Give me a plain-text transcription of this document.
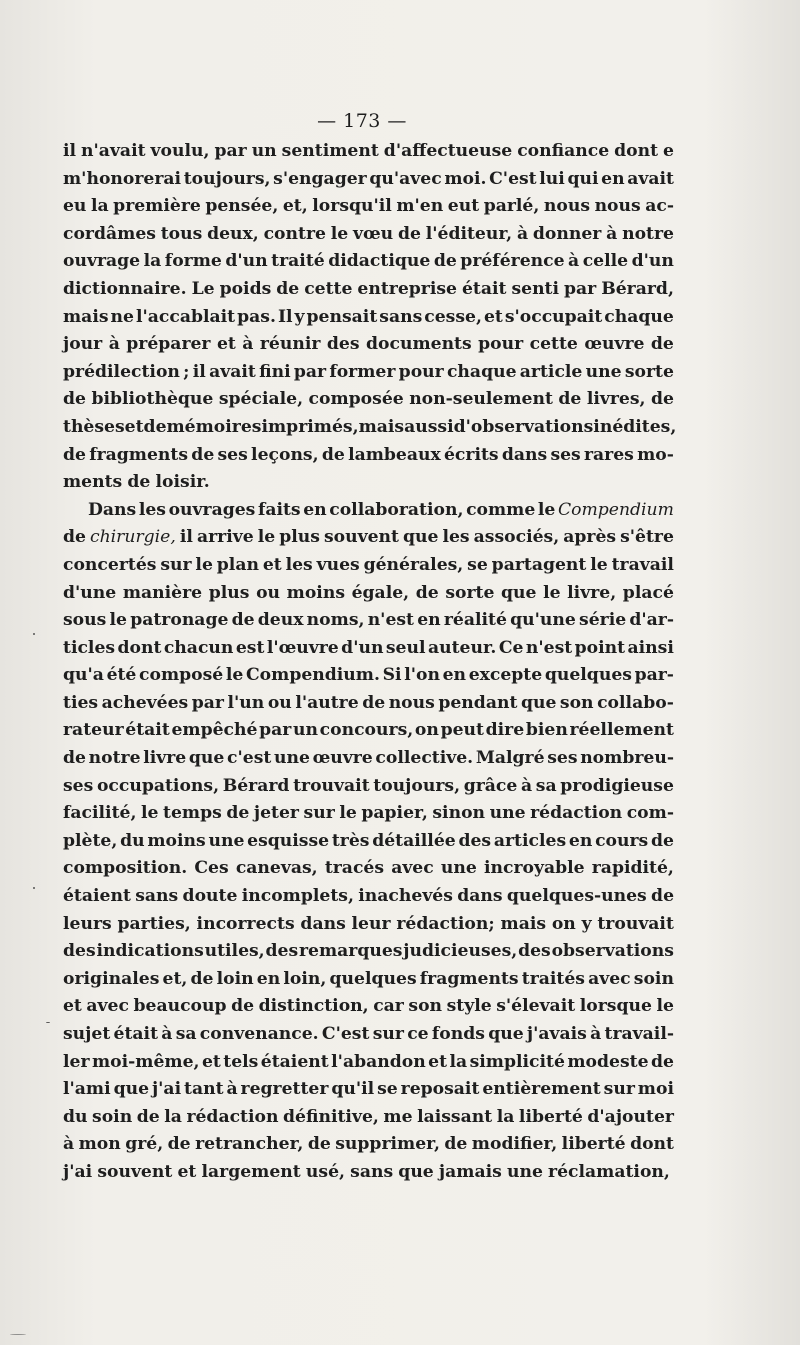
— 173 —
il n'avait voulu, par un sentiment d'affectueuse confiance dont e
m'honorerai toujours, s'engager qu'avec moi. C'est lui qui en avait
eu la première pensée, et, lorsqu'il m'en eut parlé, nous nous ac-
cordâmes tous deux, contre le vœu de l'éditeur, à donner à notre
ouvrage la forme d'un traité didactique de préférence à celle d'un
dictionnaire. Le poids de cette entreprise était senti par Bérard,
mais ne l'accablait pas. Il y pensait sans cesse, et s'occupait chaque
jour à préparer et à réunir des documents pour cette œuvre de
prédilection ; il avait fini par former pour chaque article une sorte
de bibliothèque spéciale, composée non-seulement de livres, de
thèses et de mémoires imprimés, mais aussi d'observations inédites,
de fragments de ses leçons, de lambeaux écrits dans ses rares mo-
ments de loisir.
Dans les ouvrages faits en collaboration, comme le Compendium
de chirurgie, il arrive le plus souvent que les associés, après s'être
concertés sur le plan et les vues générales, se partagent le travail
d'une manière plus ou moins égale, de sorte que le livre, placé
sous le patronage de deux noms, n'est en réalité qu'une série d'ar-
ticles dont chacun est l'œuvre d'un seul auteur. Ce n'est point ainsi
qu'a été composé le Compendium. Si l'on en excepte quelques par-
ties achevées par l'un ou l'autre de nous pendant que son collabo-
rateur était empêché par un concours, on peut dire bien réellement
de notre livre que c'est une œuvre collective. Malgré ses nombreu-
ses occupations, Bérard trouvait toujours, grâce à sa prodigieuse
facilité, le temps de jeter sur le papier, sinon une rédaction com-
plète, du moins une esquisse très détaillée des articles en cours de
composition. Ces canevas, tracés avec une incroyable rapidité,
étaient sans doute incomplets, inachevés dans quelques-unes de
leurs parties, incorrects dans leur rédaction; mais on y trouvait
des indications utiles, des remarques judicieuses, des observations
originales et, de loin en loin, quelques fragments traités avec soin
et avec beaucoup de distinction, car son style s'élevait lorsque le
sujet était à sa convenance. C'est sur ce fonds que j'avais à travail-
ler moi-même, et tels étaient l'abandon et la simplicité modeste de
l'ami que j'ai tant à regretter qu'il se reposait entièrement sur moi
du soin de la rédaction définitive, me laissant la liberté d'ajouter
à mon gré, de retrancher, de supprimer, de modifier, liberté dont
j'ai souvent et largement usé, sans que jamais une réclamation,
